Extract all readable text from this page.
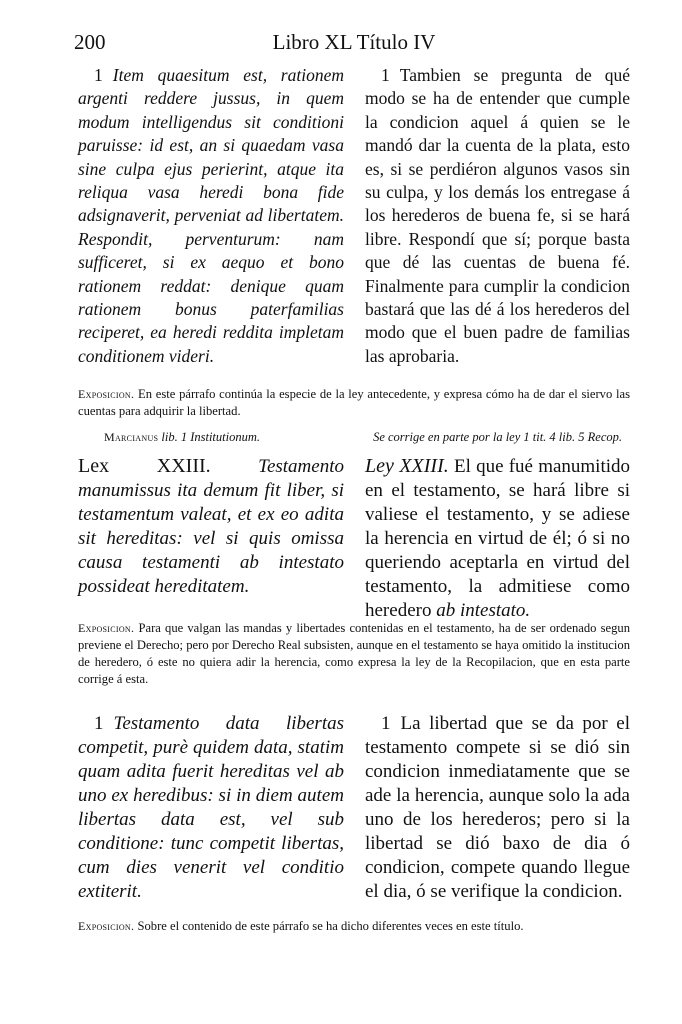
200	Libro XL Título IV
1 Item quaesitum est, rationem argenti reddere jussus, in quem modum intelligendus sit conditioni paruisse: id est, an si quaedam vasa sine culpa ejus perierint, atque ita reliqua vasa heredi bona fide adsignaverit, perveniat ad libertatem. Respondit, perventurum: nam sufficeret, si ex aequo et bono rationem reddat: denique quam rationem bonus paterfamilias reciperet, ea heredi reddita impletam conditionem videri.
1 Tambien se pregunta de qué modo se ha de entender que cumple la condicion aquel á quien se le mandó dar la cuenta de la plata, esto es, si se perdiéron algunos vasos sin su culpa, y los demás los entregase á los herederos de buena fe, si se hará libre. Respondí que sí; porque basta que dé las cuentas de buena fé. Finalmente para cumplir la condicion bastará que las dé á los herederos del modo que el buen padre de familias las aprobaria.
Exposicion. En este párrafo continúa la especie de la ley antecedente, y expresa cómo ha de dar el siervo las cuentas para adquirir la libertad.
Marcianus lib. 1 Institutionum.	Se corrige en parte por la ley 1 tit. 4 lib. 5 Recop.
Lex XXIII. Testamento manumissus ita demum fit liber, si testamentum valeat, et ex eo adita sit hereditas: vel si quis omissa causa testamenti ab intestato possideat hereditatem.
Ley XXIII. El que fué manumitido en el testamento, se hará libre si valiese el testamento, y se adiese la herencia en virtud de él; ó si no queriendo aceptarla en virtud del testamento, la admitiese como heredero ab intestato.
Exposicion. Para que valgan las mandas y libertades contenidas en el testamento, ha de ser ordenado segun previene el Derecho; pero por Derecho Real subsisten, aunque en el testamento se haya omitido la institucion de heredero, ó este no quiera adir la herencia, como expresa la ley de la Recopilacion, que en esta parte corrige á esta.
1 Testamento data libertas competit, purè quidem data, statim quam adita fuerit hereditas vel ab uno ex heredibus: si in diem autem libertas data est, vel sub conditione: tunc competit libertas, cum dies venerit vel conditio extiterit.
1 La libertad que se da por el testamento compete si se dió sin condicion inmediatamente que se ade la herencia, aunque solo la ada uno de los herederos; pero si la libertad se dió baxo de dia ó condicion, compete quando llegue el dia, ó se verifique la condicion.
Exposicion. Sobre el contenido de este párrafo se ha dicho diferentes veces en este título.
